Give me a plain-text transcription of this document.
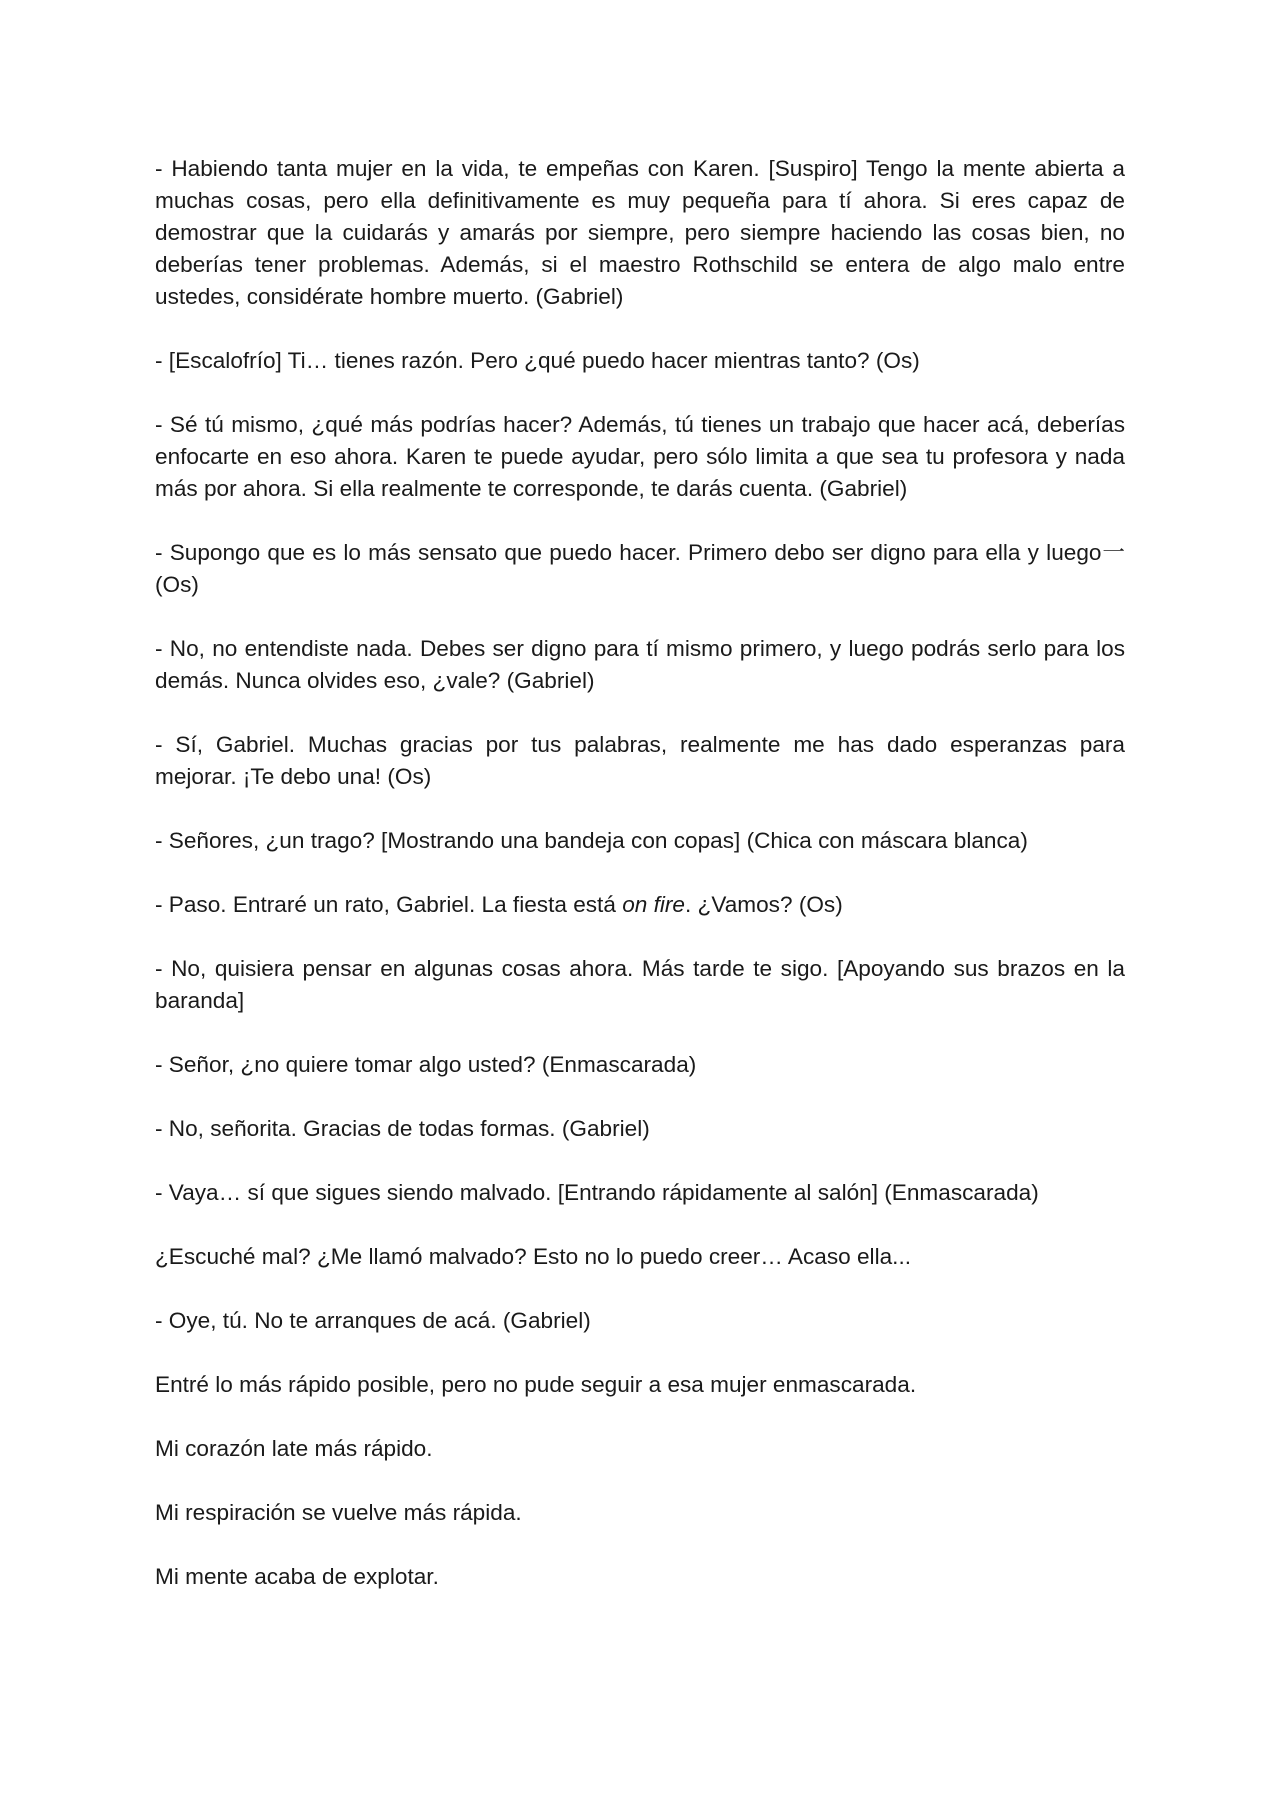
- Habiendo tanta mujer en la vida, te empeñas con Karen. [Suspiro] Tengo la mente abierta a muchas cosas, pero ella definitivamente es muy pequeña para tí ahora. Si eres capaz de demostrar que la cuidarás y amarás por siempre, pero siempre haciendo las cosas bien, no deberías tener problemas. Además, si el maestro Rothschild se entera de algo malo entre ustedes, considérate hombre muerto. (Gabriel)

- [Escalofrío] Ti… tienes razón. Pero ¿qué puedo hacer mientras tanto? (Os)

- Sé tú mismo, ¿qué más podrías hacer? Además, tú tienes un trabajo que hacer acá, deberías enfocarte en eso ahora. Karen te puede ayudar, pero sólo limita a que sea tu profesora y nada más por ahora. Si ella realmente te corresponde, te darás cuenta. (Gabriel)

- Supongo que es lo más sensato que puedo hacer. Primero debo ser digno para ella y luego一(Os)

- No, no entendiste nada. Debes ser digno para tí mismo primero, y luego podrás serlo para los demás. Nunca olvides eso, ¿vale? (Gabriel)

- Sí, Gabriel. Muchas gracias por tus palabras, realmente me has dado esperanzas para mejorar. ¡Te debo una! (Os)

- Señores, ¿un trago? [Mostrando una bandeja con copas] (Chica con máscara blanca)

- Paso. Entraré un rato, Gabriel. La fiesta está on fire. ¿Vamos? (Os)

- No, quisiera pensar en algunas cosas ahora. Más tarde te sigo. [Apoyando sus brazos en la baranda]

- Señor, ¿no quiere tomar algo usted? (Enmascarada)

- No, señorita. Gracias de todas formas. (Gabriel)

- Vaya… sí que sigues siendo malvado. [Entrando rápidamente al salón] (Enmascarada)

¿Escuché mal? ¿Me llamó malvado? Esto no lo puedo creer… Acaso ella...

- Oye, tú. No te arranques de acá. (Gabriel)

Entré lo más rápido posible, pero no pude seguir a esa mujer enmascarada.

Mi corazón late más rápido.

Mi respiración se vuelve más rápida.

Mi mente acaba de explotar.
